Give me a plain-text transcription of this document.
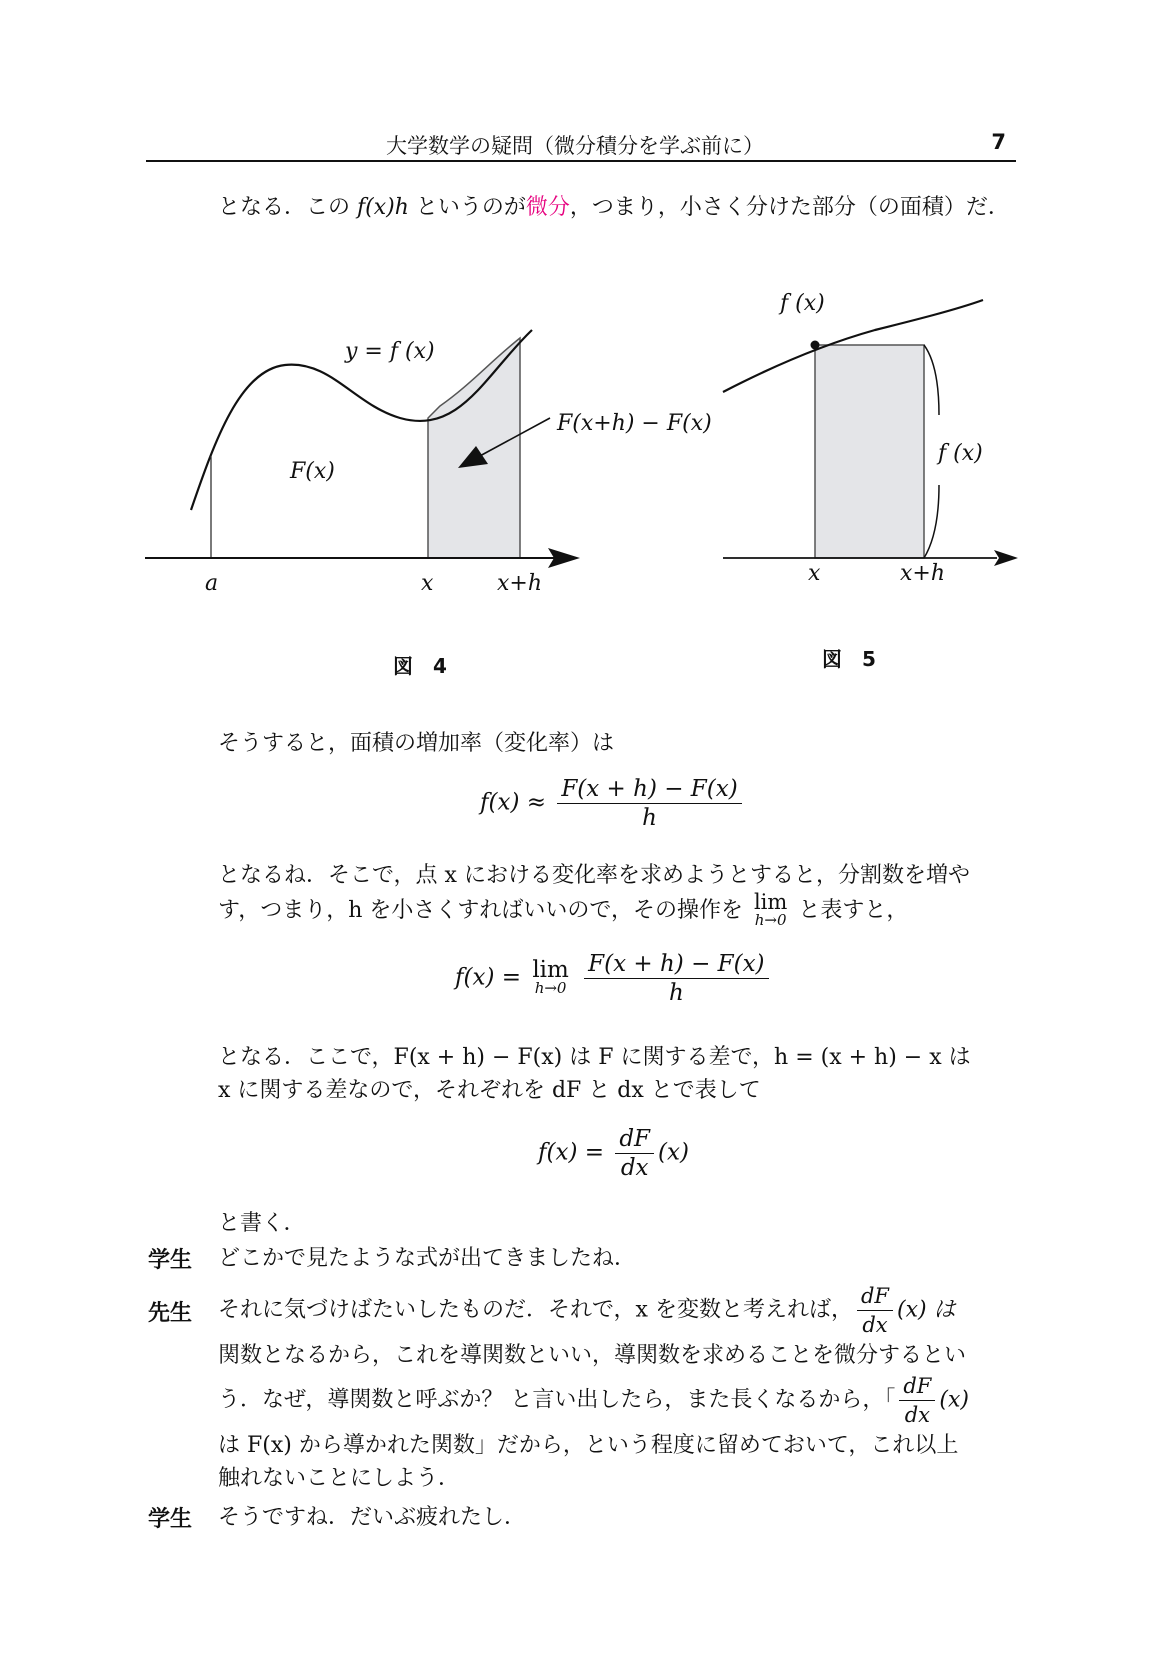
大学数学の疑問（微分積分を学ぶ前に）	7
となる．この f(x)h というのが微分，つまり，小さく分けた部分（の面積）だ．
y = f (x)
F(x)
F(x+h) − F(x)
a	x	x+h
図　4
f (x)
f (x)
x	x+h
図　5
そうすると，面積の増加率（変化率）は
$f(x) \approx \frac{F(x + h) - F(x)}{h}$
となるね．そこで，点 x における変化率を求めようとすると，分割数を増や
す，つまり，h を小さくすればいいので，その操作を lim
h→0 と表すと，
f(x) = lim
h→0
$\frac{F(x + h) - F(x)}{h}$
となる．ここで，F(x + h) − F(x) は F に関する差で，h = (x + h) − x は
x に関する差なので，それぞれを dF と dx とで表して
$f(x) = \frac{dF}{dx} (x)$
と書く．
学生 どこかで見たような式が出てきましたね．
先生 それに気づけばたいしたものだ．それで，x を変数と考えれば， $\frac{dF}{dx} (x)$ は
関数となるから，これを導関数といい，導関数を求めることを微分するとい
う．なぜ，導関数と呼ぶか？ と言い出したら，また長くなるから，「 $\frac{dF}{dx} (x)$
は F(x) から導かれた関数」だから，という程度に留めておいて，これ以上
触れないことにしよう．
学生 そうですね．だいぶ疲れたし．
